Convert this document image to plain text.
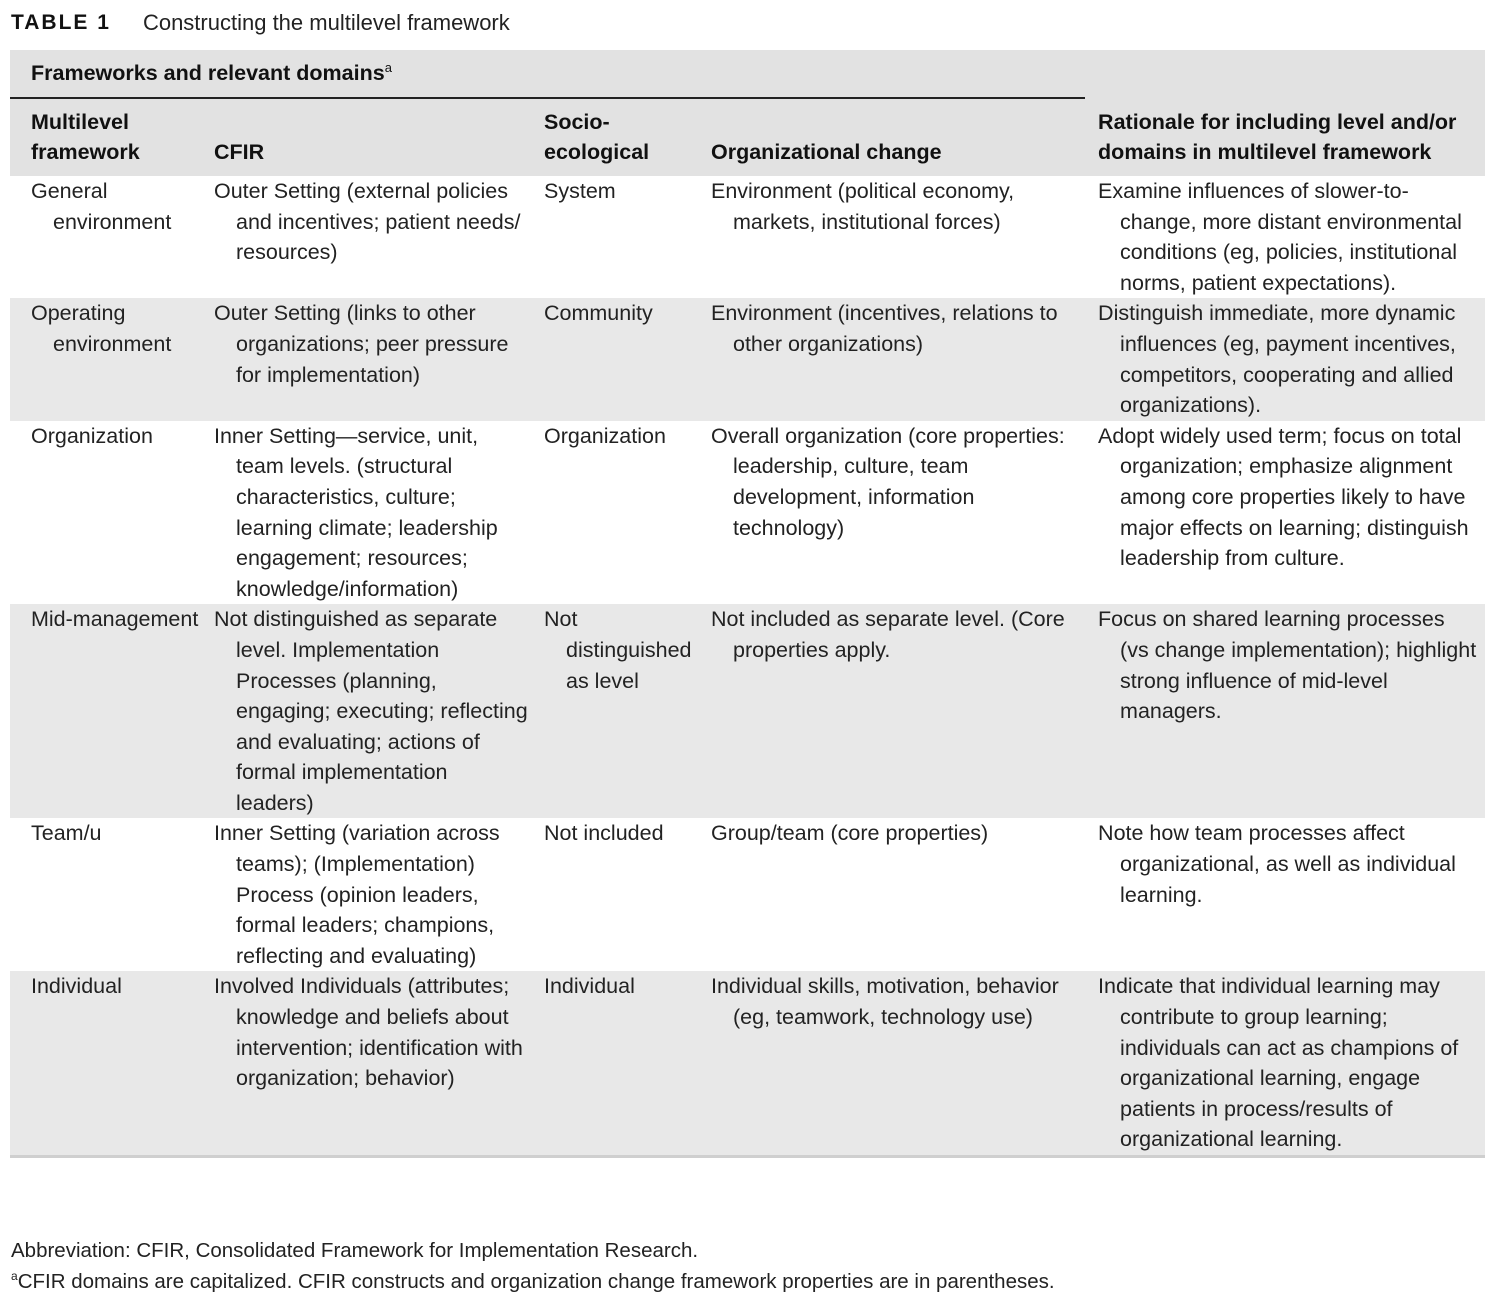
TABLE 1 Constructing the multilevel framework
Frameworks and relevant domains$^a$				Rationale for including level and/or domains in multilevel framework
Multilevel framework	CFIR	Socio-ecological	Organizational change	

General environment	Outer Setting (external policies and incentives; patient needs/ resources)	System	Environment (political economy, markets, institutional forces)	Examine influences of slower-to-change, more distant environmental conditions (eg, policies, institutional norms, patient expectations).

Operating environment	Outer Setting (links to other organizations; peer pressure for implementation)	Community	Environment (incentives, relations to other organizations)	Distinguish immediate, more dynamic influences (eg, payment incentives, competitors, cooperating and allied organizations).

Organization	Inner Setting—service, unit, team levels. (structural characteristics, culture; learning climate; leadership engagement; resources; knowledge/information)	Organization	Overall organization (core properties: leadership, culture, team development, information technology)	Adopt widely used term; focus on total organization; emphasize alignment among core properties likely to have major effects on learning; distinguish leadership from culture.

Mid-management	Not distinguished as separate level. Implementation Processes (planning, engaging; executing; reflecting and evaluating; actions of formal implementation leaders)	Not distinguished as level	Not included as separate level. (Core properties apply.	Focus on shared learning processes (vs change implementation); highlight strong influence of mid-level managers.

Team/u	Inner Setting (variation across teams); (Implementation) Process (opinion leaders, formal leaders; champions, reflecting and evaluating)	Not included	Group/team (core properties)	Note how team processes affect organizational, as well as individual learning.

Individual	Involved Individuals (attributes; knowledge and beliefs about intervention; identification with organization; behavior)	Individual	Individual skills, motivation, behavior (eg, teamwork, technology use)	Indicate that individual learning may contribute to group learning; individuals can act as champions of organizational learning, engage patients in process/results of organizational learning.
Abbreviation: CFIR, Consolidated Framework for Implementation Research.
$^a$CFIR domains are capitalized. CFIR constructs and organization change framework properties are in parentheses.
